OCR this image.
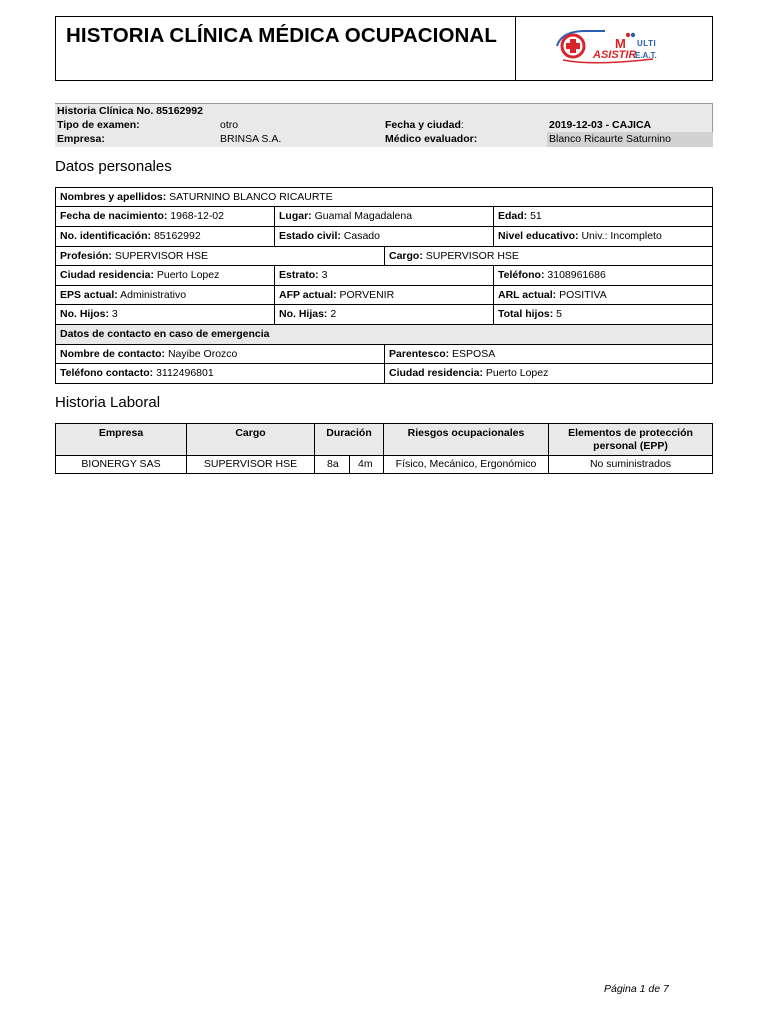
HISTORIA CLÍNICA MÉDICA OCUPACIONAL	M ULTI
ASISTIR
E.A.T.
Historia Clínica No. 85162992
Tipo de examen:	otro	Fecha y ciudad:	2019-12-03 - CAJICA
Empresa:	BRINSA S.A.	Médico evaluador:	Blanco Ricaurte Saturnino
Datos personales
Nombres y apellidos: SATURNINO BLANCO RICAURTE
Fecha de nacimiento: 1968-12-02	Lugar: Guamal Magadalena	Edad: 51
No. identificación: 85162992	Estado civil: Casado	Nivel educativo: Univ.: Incompleto
Profesión: SUPERVISOR HSE	Cargo: SUPERVISOR HSE
Ciudad residencia: Puerto Lopez	Estrato: 3	Teléfono: 3108961686
EPS actual: Administrativo	AFP actual: PORVENIR	ARL actual: POSITIVA
No. Hijos: 3	No. Hijas: 2	Total hijos: 5
Datos de contacto en caso de emergencia
Nombre de contacto: Nayibe Orozco	Parentesco: ESPOSA
Teléfono contacto: 3112496801	Ciudad residencia: Puerto Lopez
Historia Laboral
Empresa	Cargo	Duración	Riesgos ocupacionales	Elementos de protección personal (EPP)
BIONERGY SAS	SUPERVISOR HSE	8a	4m	Físico, Mecánico, Ergonómico	No suministrados
Página 1 de 7
